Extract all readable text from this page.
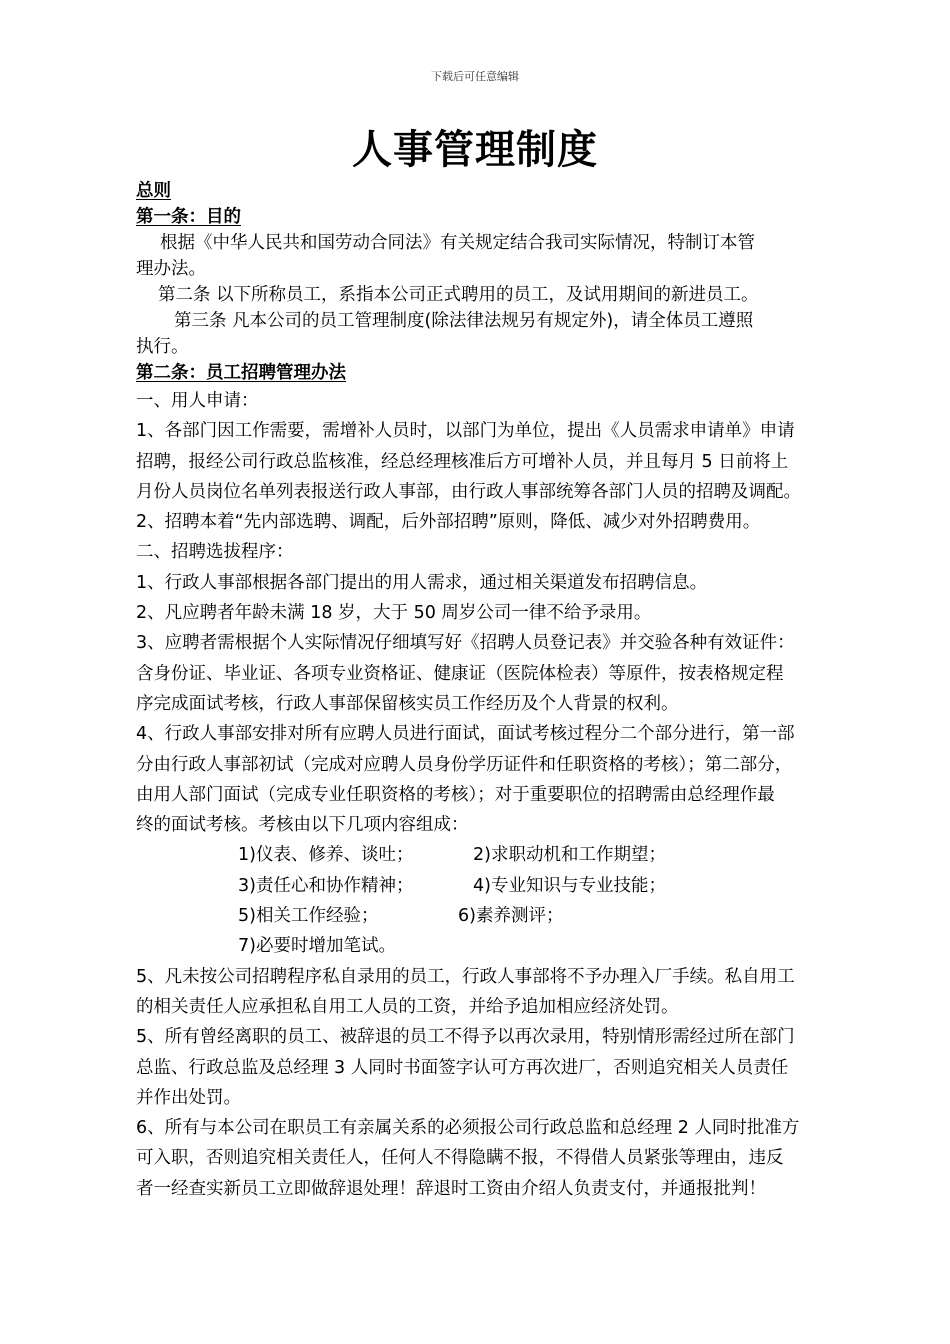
下载后可任意编辑
人事管理制度

总则

第一条：目的

根据《中华人民共和国劳动合同法》有关规定结合我司实际情况，特制订本管

理办法。

第二条 以下所称员工，系指本公司正式聘用的员工，及试用期间的新进员工。

第三条 凡本公司的员工管理制度(除法律法规另有规定外)，请全体员工遵照

执行。

第二条：员工招聘管理办法

一、用人申请：

1、各部门因工作需要，需增补人员时，以部门为单位，提出《人员需求申请单》申请

招聘，报经公司行政总监核准，经总经理核准后方可增补人员，并且每月 5 日前将上

月份人员岗位名单列表报送行政人事部，由行政人事部统筹各部门人员的招聘及调配。

2、招聘本着“先内部选聘、调配，后外部招聘”原则，降低、减少对外招聘费用。

二、招聘选拔程序：

1、行政人事部根据各部门提出的用人需求，通过相关渠道发布招聘信息。

2、凡应聘者年龄未满 18 岁，大于 50 周岁公司一律不给予录用。

3、应聘者需根据个人实际情况仔细填写好《招聘人员登记表》并交验各种有效证件：

含身份证、毕业证、各项专业资格证、健康证（医院体检表）等原件，按表格规定程

序完成面试考核，行政人事部保留核实员工作经历及个人背景的权利。

4、行政人事部安排对所有应聘人员进行面试，面试考核过程分二个部分进行，第一部

分由行政人事部初试（完成对应聘人员身份学历证件和任职资格的考核）；第二部分，

由用人部门面试（完成专业任职资格的考核）；对于重要职位的招聘需由总经理作最

终的面试考核。考核由以下几项内容组成：

1)仪表、修养、谈吐；	2)求职动机和工作期望；

3)责任心和协作精神；	4)专业知识与专业技能；

5)相关工作经验；	6)素养测评；

7)必要时增加笔试。

5、凡未按公司招聘程序私自录用的员工，行政人事部将不予办理入厂手续。私自用工

的相关责任人应承担私自用工人员的工资，并给予追加相应经济处罚。

5、所有曾经离职的员工、被辞退的员工不得予以再次录用，特别情形需经过所在部门

总监、行政总监及总经理 3 人同时书面签字认可方再次进厂，否则追究相关人员责任

并作出处罚。

6、所有与本公司在职员工有亲属关系的必须报公司行政总监和总经理 2 人同时批准方

可入职，否则追究相关责任人，任何人不得隐瞒不报，不得借人员紧张等理由，违反

者一经查实新员工立即做辞退处理！辞退时工资由介绍人负责支付，并通报批判！
